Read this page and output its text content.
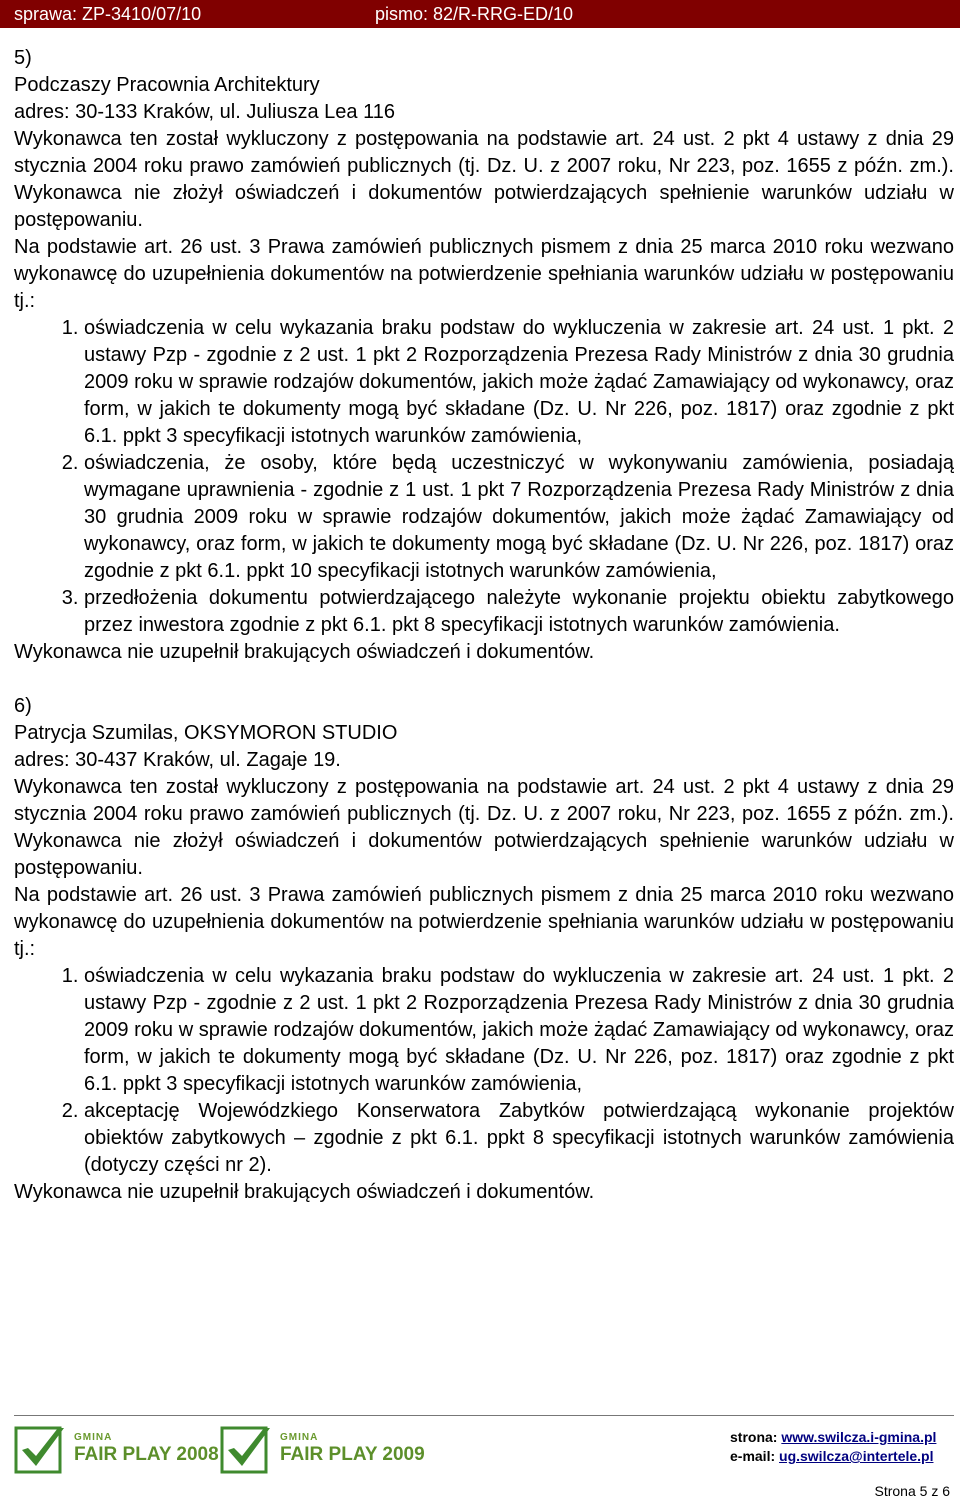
sprawa: ZP-3410/07/10	pismo: 82/R-RRG-ED/10

5)

Podczaszy Pracownia Architektury

adres: 30-133 Kraków, ul. Juliusza Lea 116

Wykonawca ten został wykluczony z postępowania na podstawie art. 24 ust. 2 pkt 4 ustawy z dnia 29 stycznia 2004 roku prawo zamówień publicznych (tj. Dz. U. z 2007 roku, Nr 223, poz. 1655 z późn. zm.). Wykonawca nie złożył oświadczeń i dokumentów potwierdzających spełnienie warunków udziału w postępowaniu.

Na podstawie art. 26 ust. 3 Prawa zamówień publicznych pismem z dnia 25 marca 2010 roku wezwano wykonawcę do uzupełnienia dokumentów na potwierdzenie spełniania warunków udziału w postępowaniu tj.:

1. oświadczenia w celu wykazania braku podstaw do wykluczenia w zakresie art. 24 ust. 1 pkt. 2 ustawy Pzp - zgodnie z 2 ust. 1 pkt 2 Rozporządzenia Prezesa Rady Ministrów z dnia 30 grudnia 2009 roku w sprawie rodzajów dokumentów, jakich może żądać Zamawiający od wykonawcy, oraz form, w jakich te dokumenty mogą być składane (Dz. U. Nr 226, poz. 1817) oraz zgodnie z pkt 6.1. ppkt 3 specyfikacji istotnych warunków zamówienia,
2. oświadczenia, że osoby, które będą uczestniczyć w wykonywaniu zamówienia, posiadają wymagane uprawnienia - zgodnie z 1 ust. 1 pkt 7 Rozporządzenia Prezesa Rady Ministrów z dnia 30 grudnia 2009 roku w sprawie rodzajów dokumentów, jakich może żądać Zamawiający od wykonawcy, oraz form, w jakich te dokumenty mogą być składane (Dz. U. Nr 226, poz. 1817) oraz zgodnie z pkt 6.1. ppkt 10 specyfikacji istotnych warunków zamówienia,
3. przedłożenia dokumentu potwierdzającego należyte wykonanie projektu obiektu zabytkowego przez inwestora zgodnie z pkt 6.1. pkt 8 specyfikacji istotnych warunków zamówienia.

Wykonawca nie uzupełnił brakujących oświadczeń i dokumentów.

6)

Patrycja Szumilas, OKSYMORON STUDIO

adres: 30-437 Kraków, ul. Zagaje 19.

Wykonawca ten został wykluczony z postępowania na podstawie art. 24 ust. 2 pkt 4 ustawy z dnia 29 stycznia 2004 roku prawo zamówień publicznych (tj. Dz. U. z 2007 roku, Nr 223, poz. 1655 z późn. zm.). Wykonawca nie złożył oświadczeń i dokumentów potwierdzających spełnienie warunków udziału w postępowaniu.

Na podstawie art. 26 ust. 3 Prawa zamówień publicznych pismem z dnia 25 marca 2010 roku wezwano wykonawcę do uzupełnienia dokumentów na potwierdzenie spełniania warunków udziału w postępowaniu tj.:

1. oświadczenia w celu wykazania braku podstaw do wykluczenia w zakresie art. 24 ust. 1 pkt. 2 ustawy Pzp - zgodnie z 2 ust. 1 pkt 2 Rozporządzenia Prezesa Rady Ministrów z dnia 30 grudnia 2009 roku w sprawie rodzajów dokumentów, jakich może żądać Zamawiający od wykonawcy, oraz form, w jakich te dokumenty mogą być składane (Dz. U. Nr 226, poz. 1817) oraz zgodnie z pkt 6.1. ppkt 3 specyfikacji istotnych warunków zamówienia,
2. akceptację Wojewódzkiego Konserwatora Zabytków potwierdzającą wykonanie projektów obiektów zabytkowych – zgodnie z pkt 6.1. ppkt 8 specyfikacji istotnych warunków zamówienia (dotyczy części nr 2).

Wykonawca nie uzupełnił brakujących oświadczeń i dokumentów.

GMINA
FAIR PLAY 2008
GMINA
FAIR PLAY 2009
strona: www.swilcza.i-gmina.pl
e-mail: ug.swilcza@intertele.pl
Strona 5 z 6
